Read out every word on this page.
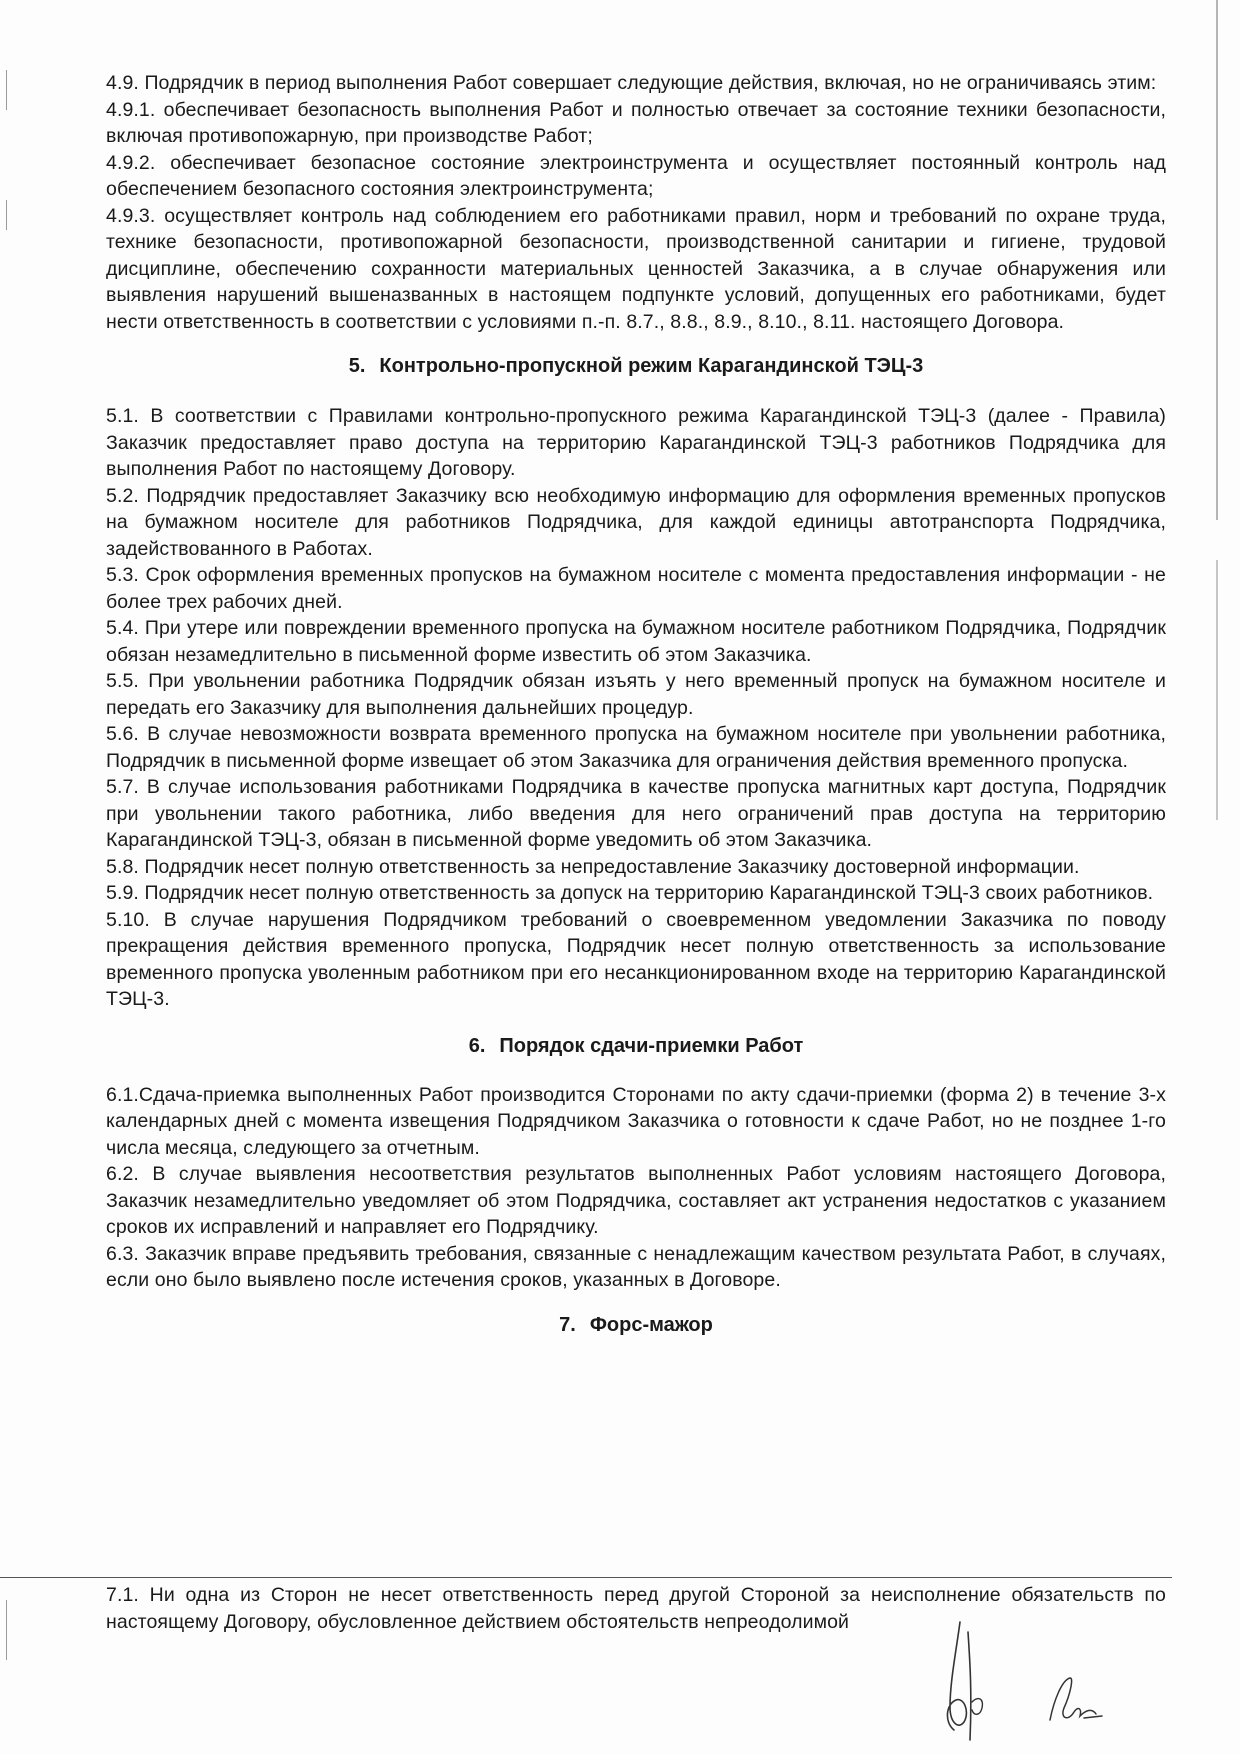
4.9. Подрядчик в период выполнения Работ совершает следующие действия, включая, но не ограничиваясь этим:

4.9.1. обеспечивает безопасность выполнения Работ и полностью отвечает за состояние техники безопасности, включая противопожарную, при производстве Работ;

4.9.2. обеспечивает безопасное состояние электроинструмента и осуществляет постоянный контроль над обеспечением безопасного состояния электроинструмента;

4.9.3. осуществляет контроль над соблюдением его работниками правил, норм и требований по охране труда, технике безопасности, противопожарной безопасности, производственной санитарии и гигиене, трудовой дисциплине, обеспечению сохранности материальных ценностей Заказчика, а в случае обнаружения или выявления нарушений вышеназванных в настоящем подпункте условий, допущенных его работниками, будет нести ответственность в соответствии с условиями п.-п. 8.7., 8.8., 8.9., 8.10., 8.11. настоящего Договора.

5. Контрольно-пропускной режим Карагандинской ТЭЦ-3

5.1. В соответствии с Правилами контрольно-пропускного режима Карагандинской ТЭЦ-3 (далее - Правила) Заказчик предоставляет право доступа на территорию Карагандинской ТЭЦ-3 работников Подрядчика для выполнения Работ по настоящему Договору.

5.2. Подрядчик предоставляет Заказчику всю необходимую информацию для оформления временных пропусков на бумажном носителе для работников Подрядчика, для каждой единицы автотранспорта Подрядчика, задействованного в Работах.

5.3. Срок оформления временных пропусков на бумажном носителе с момента предоставления информации - не более трех рабочих дней.

5.4. При утере или повреждении временного пропуска на бумажном носителе работником Подрядчика, Подрядчик обязан незамедлительно в письменной форме известить об этом Заказчика.

5.5. При увольнении работника Подрядчик обязан изъять у него временный пропуск на бумажном носителе и передать его Заказчику для выполнения дальнейших процедур.

5.6. В случае невозможности возврата временного пропуска на бумажном носителе при увольнении работника, Подрядчик в письменной форме извещает об этом Заказчика для ограничения действия временного пропуска.

5.7. В случае использования работниками Подрядчика в качестве пропуска магнитных карт доступа, Подрядчик при увольнении такого работника, либо введения для него ограничений прав доступа на территорию Карагандинской ТЭЦ-3, обязан в письменной форме уведомить об этом Заказчика.

5.8. Подрядчик несет полную ответственность за непредоставление Заказчику достоверной информации.

5.9. Подрядчик несет полную ответственность за допуск на территорию Карагандинской ТЭЦ-3 своих работников.

5.10. В случае нарушения Подрядчиком требований о своевременном уведомлении Заказчика по поводу прекращения действия временного пропуска, Подрядчик несет полную ответственность за использование временного пропуска уволенным работником при его несанкционированном входе на территорию Карагандинской ТЭЦ-3.

6. Порядок сдачи-приемки Работ

6.1.Сдача-приемка выполненных Работ производится Сторонами по акту сдачи-приемки (форма 2) в течение 3-х календарных дней с момента извещения Подрядчиком Заказчика о готовности к сдаче Работ, но не позднее 1-го числа месяца, следующего за отчетным.

6.2. В случае выявления несоответствия результатов выполненных Работ условиям настоящего Договора, Заказчик незамедлительно уведомляет об этом Подрядчика, составляет акт устранения недостатков с указанием сроков их исправлений и направляет его Подрядчику.

6.3. Заказчик вправе предъявить требования, связанные с ненадлежащим качеством результата Работ, в случаях, если оно было выявлено после истечения сроков, указанных в Договоре.

7. Форс-мажор

7.1. Ни одна из Сторон не несет ответственность перед другой Стороной за неисполнение обязательств по настоящему Договору, обусловленное действием обстоятельств непреодолимой
